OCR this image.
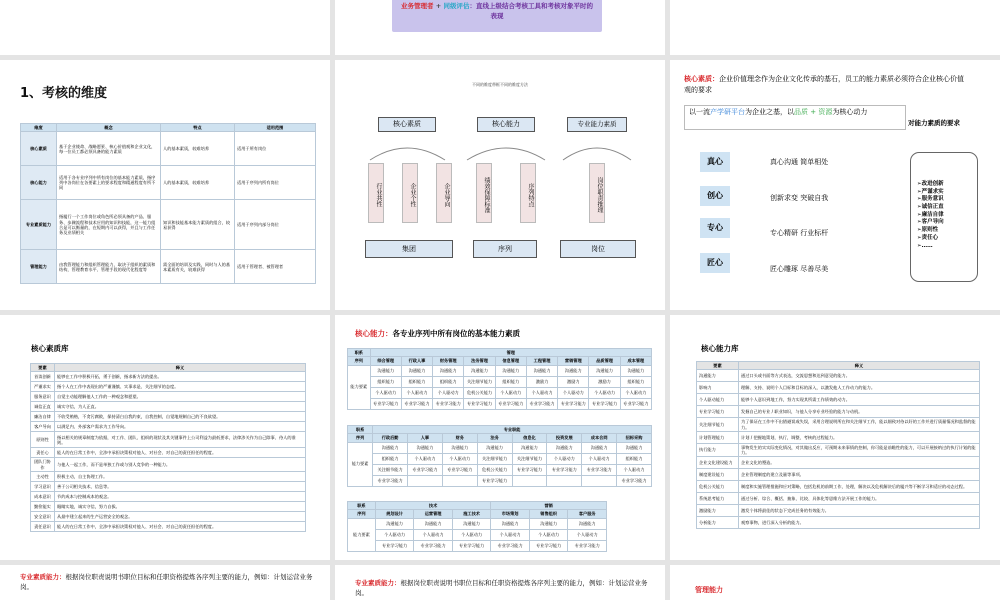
业务管理者 + 同级评估：直线上级结合考核工具和考核对象平时的表现
1、考核的维度
维度	概念	特点	适用范围
核心素质	基于企业使命、战略愿景、核心价值观和企业文化，每一位员工都必须具备的能力素质	人的基本素质，较难培养	适用于所有岗位
核心能力	适用于各专业序列中所有岗位的基本能力素质，指序列中各岗位在各要素上的要求程度和精通程度有所不同	人的基本素质，较难培养	适用于序列内所有岗位
专业素质能力	指履行一个工作岗位或角色所必须具备的产品、服务、步骤流程和技术应用的知识和技能，这一能力组合是可以衡量的，在短期内可以获得，并且与工作任务及业绩相关	知识和技能基本能力素质的组合，较易获得	适用于序列内部分岗位
管理能力	由我管理能力和组织管理能力，取决于组织的素质和结构，管理教育水平、管理手段的现代化程度等	需全面的培训及实践，同时与人的基本素质有关，较难获得	适用于管理者、被管理者
不同的维度带框不同的维度方法
核心素质	核心能力	专业能力素质
行业共性	企业个性	企业导向	绩效保障标准	序列特点	岗位职责推理
集团	序列	岗位
核心素质：企业价值理念作为企业文化传承的基石，员工的能力素质必须符合企业核心价值观的要求
以一流产学研平台为企业之基，以品质 + 资源为核心动力
对能力素质的要求
真心	真心沟通 简单相处
创心	创新求变 突破自我
专心
专心精研 行业标杆
匠心
匠心雕琢 尽善尽美
➢改进创新
➢严谨求实
➢服务意识
➢诚信正直
➢廉洁自律
➢客户导向
➢原则性
➢责任心
➢……
核心素质库
要素	释义
首读创新	能够在工作中积极开拓，勇于创新，指求新方法的提出。
严谨求实	指个人在工作中表现出的严谨谨慎、实事求是、关注细节的态度。
服务意识	自觉主动能理解他人工作的一种观念和愿望。
诚信正直	诚实守信，为人正直。
廉洁自律	不收受贿赂，不贪污腐败，保持清白自我约束，自我控制，自觉地规制自己的不良欲望。
客户导向	以满足内、外部客户需求为工作导向。
原则性	指以相关的规章制度为依据，对工作、团队、组织的现状及其关键事件上公司利益为最低要求，法律涉关作为自己除事、待人的准则。
责任心	能人的在日常工作中，全涉中承担决策权对他人、对社会、对自己的责任担任的程度。
团队门协作	与他人一起工作，而不是单独工作或与别人竞争的一种能力。
主动性	积极主动，自主协理工作。
学习意识	善于公司相关技术、信息等。
成本意识	节约成本与控制成本的观念。
勤俭能实	眼睛实地，诚实守信，努力自拔。
安全意识	从最中建立起来的生产运营安全的观念。
责任意识	能人的在日常工作中，全涉中承担决策权对他人、对社会、对自己的责任担任的程度。
核心能力：各专业序列中所有岗位的基本能力素质
职系	管理								
序列	综合管理	行政人事	财务管理	法务管理	信息管理	工程管理	营销管理	品质管理	成本管理
能力要素	沟通能力	沟通能力	沟通能力	沟通能力	沟通能力	沟通能力	沟通能力	沟通能力	沟通能力
	组织能力	组织能力	组织能力	关注细节能力	组织能力	激励力	激励力	激励力	组织能力
	个人驱动力	个人驱动力	个人驱动力	危机公关能力	个人驱动力	个人驱动力	个人驱动力	个人驱动力	个人驱动力
	专业学习能力	专业学习能力	专业学习能力	专业学习能力	专业学习能力	专业学习能力	专业学习能力	专业学习能力	专业学习能力
职系	专业职能							
序列	行政后勤	人事	财务	法务	信息化	投资发展	成本合同	招标采购
能力要素	沟通能力	沟通能力	沟通能力	沟通能力	沟通能力	沟通能力	沟通能力	沟通能力
	组织能力	个人驱动力	个人驱动力	关注细节能力	关注细节能力	个人驱动力	个人驱动力	组织能力
	关注细节能力	专业学习能力	专业学习能力	危机公关能力	专业学习能力	专业学习能力	专业学习能力	个人驱动力
	专业学习能力			专业学习能力				专业学习能力
职系	技术			营销		
序列	规划设计	运营管理	施工技术	市场策划	销售组织	客户服务
能力要素	沟通能力	沟通能力	沟通能力	沟通能力	沟通能力	沟通能力
	个人驱动力	个人驱动力	个人驱动力	个人驱动力	个人驱动力	个人驱动力
	专业学习能力	专业学习能力	专业学习能力	专业学习能力	专业学习能力	专业学习能力
核心能力库
要素	释义
沟通能力	通过口头或书面等方式表达，交流思想和达到意见的能力。
影响力	理解、支持、说明个人目标和目标的深入，以激发他人工作动力的能力。
个人驱动能力	能够个人意识到地工作，努力实现其所需工作绩效的动力。
专业学习能力	发掘自己的专业 / 职业知识，与他人分享专业经验的能力与动机。
关注细节能力	为了保证在工作中不出错避误或失误，采用合理说明所在和关注细节工作，能以细致对待以好的工作并进行质量情况和监督的能力。
计划管理能力	计划 / 把握地策划，执行，调整，考核的过程能力。
执行能力	事物发生的实实际变化情况，对其做出反应，可预期未来事情的控制，你可能是前瞻性的能力，可以开展接纳过的执行计划的能力。
企业文化建设能力	企业文化的塑造。
制度建设能力	企业管理制度的建立及量等事项。
危机公关能力	制度和实施管理措施和应对策略，包括危机的前期工作，处理，解决以及危机解决后的履兴等不断学习和适应的动态过程。
系统思考能力	通过分析、综合、概括、抽象、比较、具体化等思维方法开展工作的能力。
激励能力	激发个体将最佳的状态下完成任务的有效能力。
分析能力	观察事物，进行深入分析的能力。
专业素质能力：根据岗位职责说明书职位目标和任职资格提炼各序列主要的能力，例如：计划运营业务岗。
专业素质能力：根据岗位职责说明书职位目标和任职资格提炼各序列主要的能力，例如：计划运营业务岗。	管理能力
